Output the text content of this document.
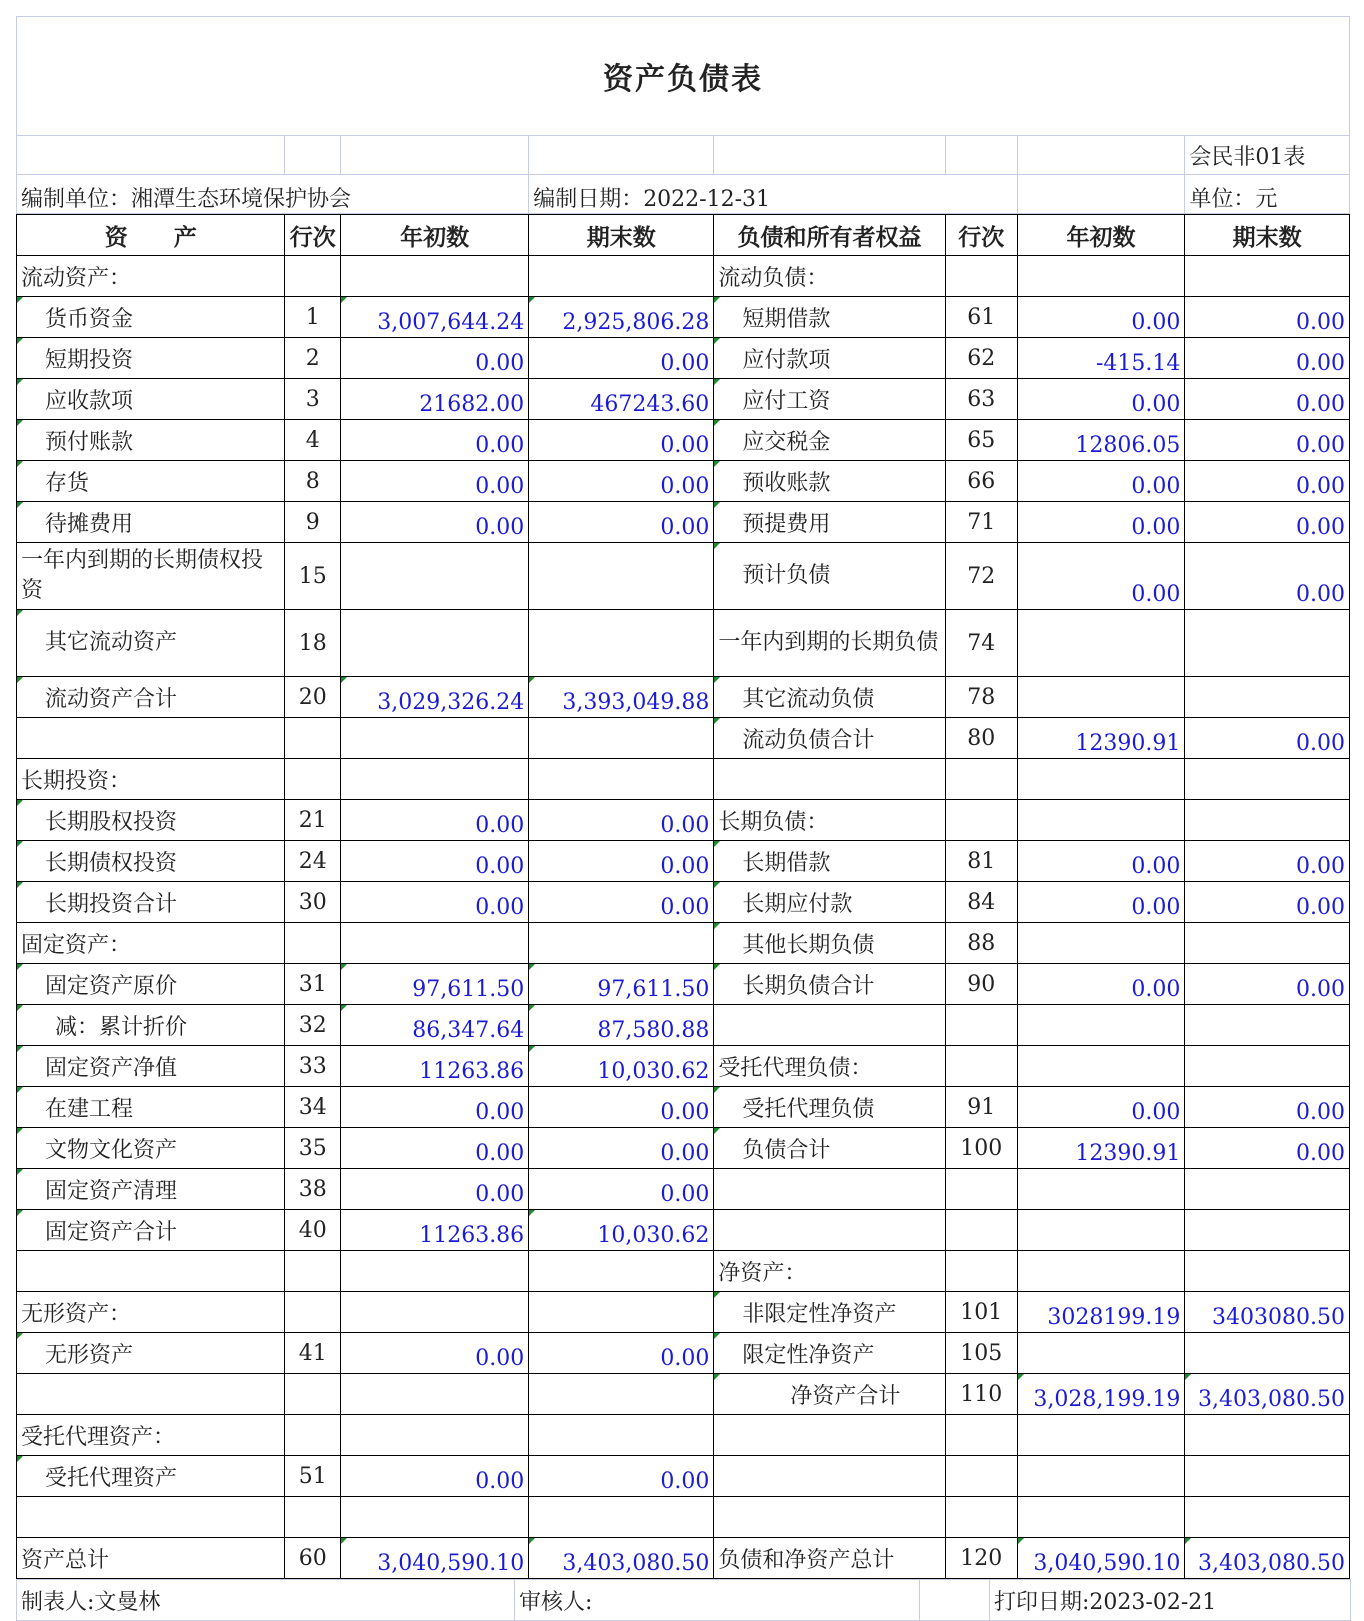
资产负债表
							会民非01表
编制单位：湘潭生态环境保护协会			编制日期：2022-12-31				单位：元
资　　产	行次	年初数	期末数	负债和所有者权益	行次	年初数	期末数
流动资产：				流动负债：			
货币资金	1	3,007,644.24	2,925,806.28	短期借款	61	0.00	0.00
短期投资	2	0.00	0.00	应付款项	62	-415.14	0.00
应收款项	3	21682.00	467243.60	应付工资	63	0.00	0.00
预付账款	4	0.00	0.00	应交税金	65	12806.05	0.00
存货	8	0.00	0.00	预收账款	66	0.00	0.00
待摊费用	9	0.00	0.00	预提费用	71	0.00	0.00
一年内到期的长期债权投资	15			预计负债	72	0.00	0.00
其它流动资产	18			一年内到期的长期负债	74		
流动资产合计	20	3,029,326.24	3,393,049.88	其它流动负债	78		
				流动负债合计	80	12390.91	0.00
长期投资：							
长期股权投资	21	0.00	0.00	长期负债：			
长期债权投资	24	0.00	0.00	长期借款	81	0.00	0.00
长期投资合计	30	0.00	0.00	长期应付款	84	0.00	0.00
固定资产：				其他长期负债	88		
固定资产原价	31	97,611.50	97,611.50	长期负债合计	90	0.00	0.00
减：累计折价	32	86,347.64	87,580.88				
固定资产净值	33	11263.86	10,030.62	受托代理负债：			
在建工程	34	0.00	0.00	受托代理负债	91	0.00	0.00
文物文化资产	35	0.00	0.00	负债合计	100	12390.91	0.00
固定资产清理	38	0.00	0.00				
固定资产合计	40	11263.86	10,030.62				
				净资产：			
无形资产：				非限定性净资产	101	3028199.19	3403080.50
无形资产	41	0.00	0.00	限定性净资产	105		
				净资产合计	110	3,028,199.19	3,403,080.50
受托代理资产：							
受托代理资产	51	0.00	0.00				

资产总计	60	3,040,590.10	3,403,080.50	负债和净资产总计	120	3,040,590.10	3,403,080.50
制表人:文曼林	审核人:		打印日期:2023-02-21
